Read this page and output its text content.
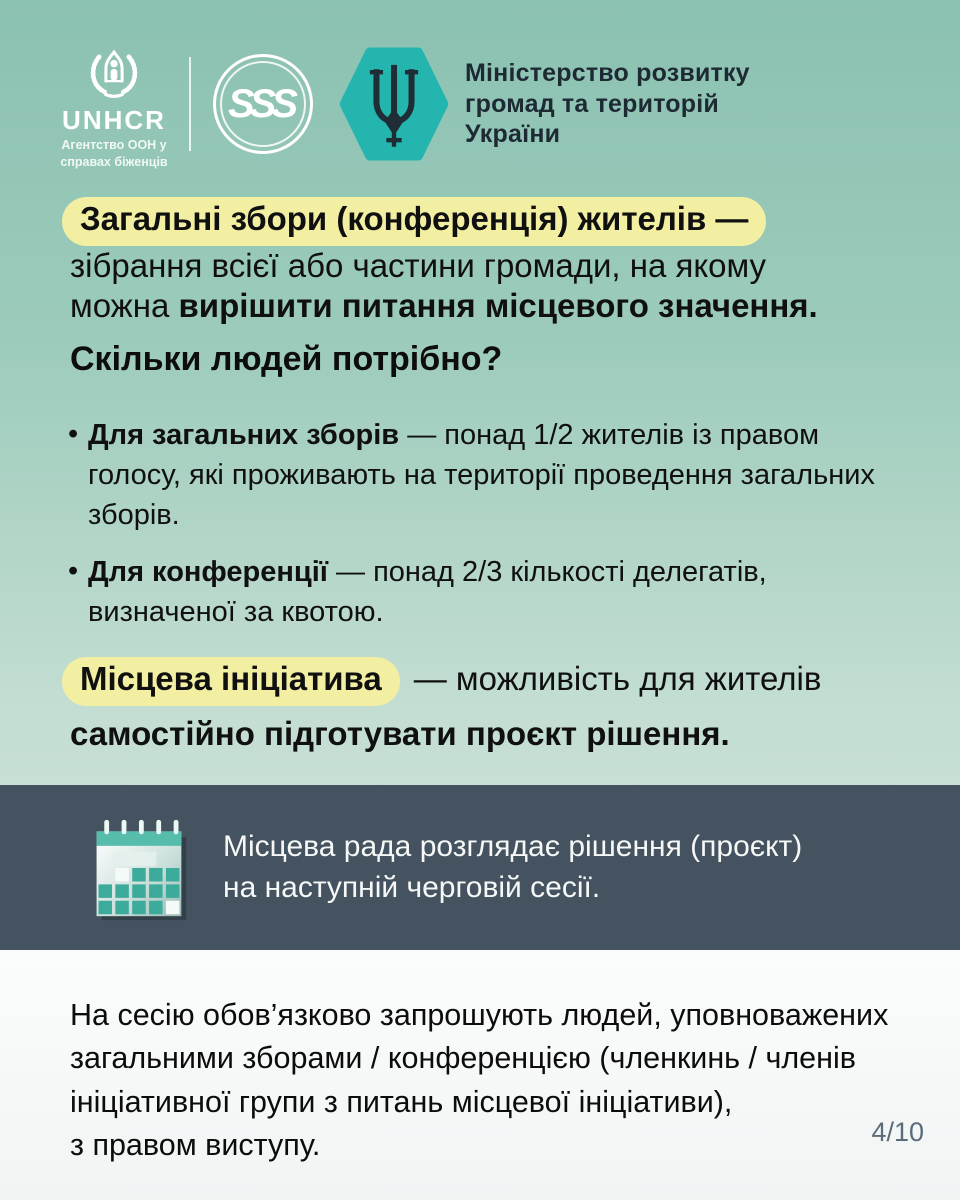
UNHCR
Агентство ООН у
справах біженців
SSS
Міністерство розвитку
громад та територій
України
Загальні збори (конференція) жителів —
зібрання всієї або частини громади, на якому
можна вирішити питання місцевого значення.
Скільки людей потрібно?
• Для загальних зборів — понад 1/2 жителів із правом голосу, які проживають на території проведення загальних зборів.
• Для конференції — понад 2/3 кількості делегатів, визначеної за квотою.
Місцева ініціатива — можливість для жителів
самостійно підготувати проєкт рішення.
Місцева рада розглядає рішення (проєкт)
на наступній черговій сесії.

На сесію обов’язково запрошують людей, уповноважених
загальними зборами / конференцією (членкинь / членів
ініціативної групи з питань місцевої ініціативи),
з правом виступу.	4/10
